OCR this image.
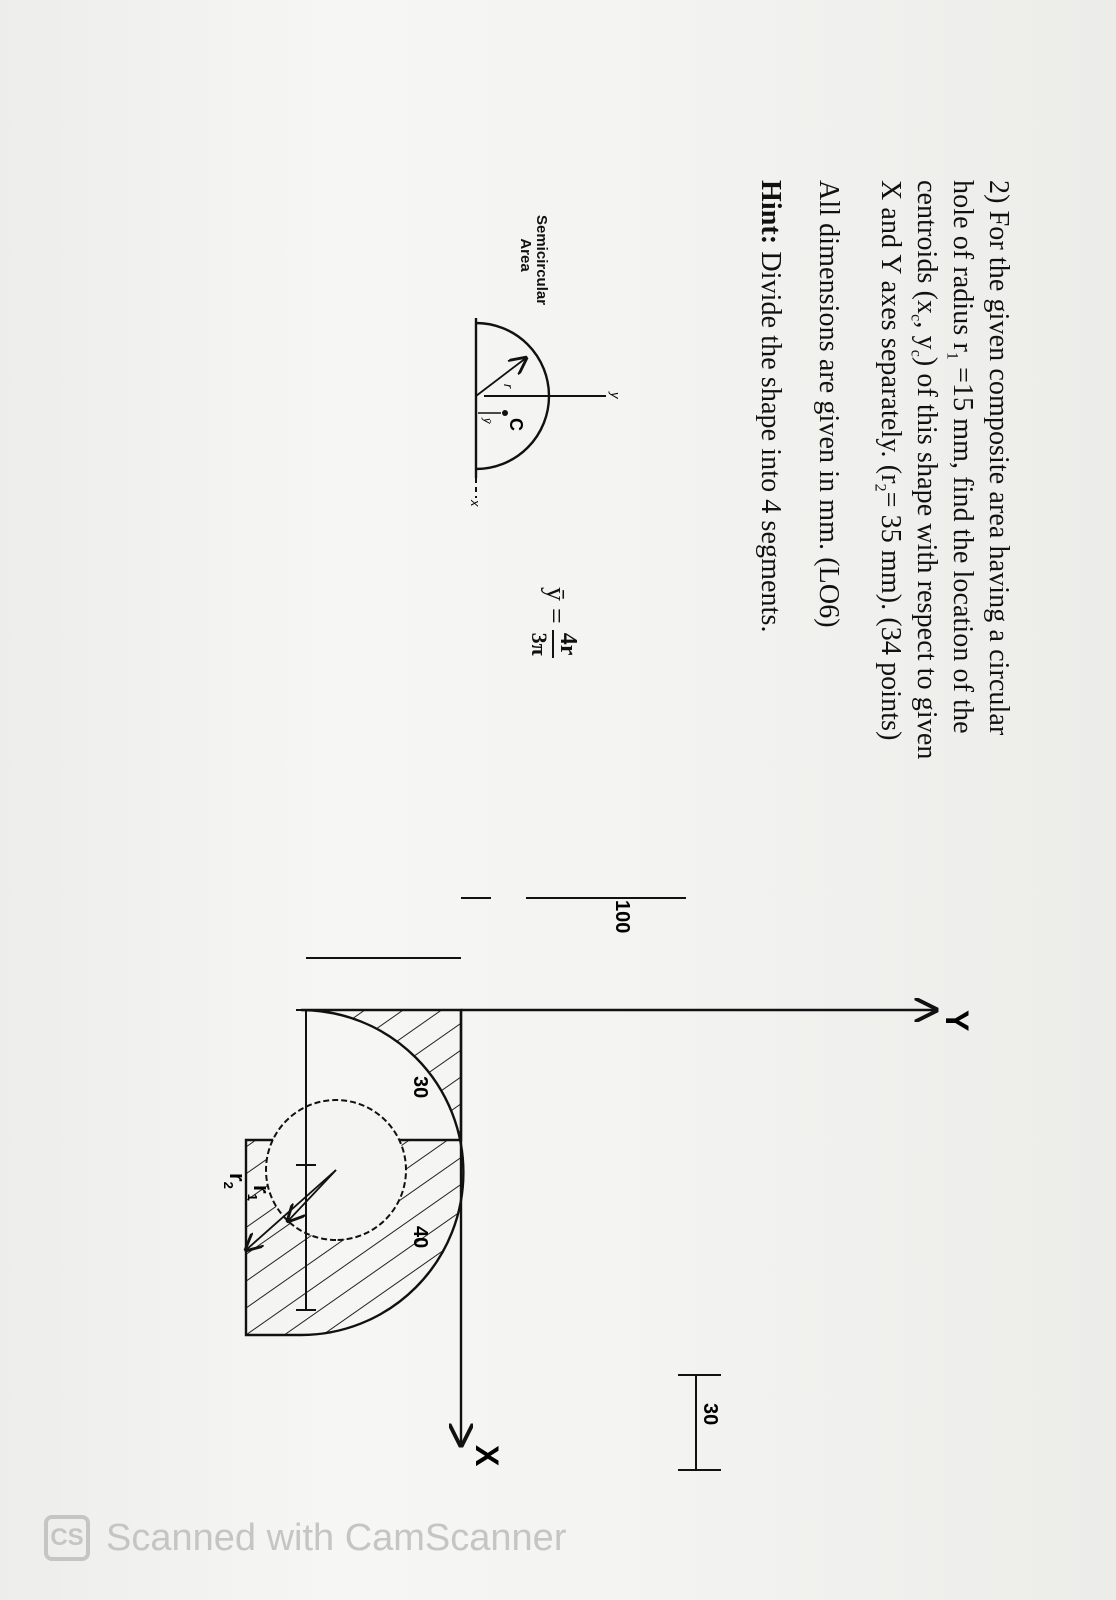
2) For the given composite area having a circular
hole of radius $r_1 =15$ mm, find the location of the
centroids ($x_c$, $y_c$) of this shape with respect to given
X and Y axes separately. ($r_2= 35$ mm). (34 points)
All dimensions are given in mm. (LO6)
Hint: Divide the shape into 4 segments.
Semicircular
Area
y
x
r
C
ȳ
$r_1$
$r_2$
Y
X
100
30
40
30
ȳ =
4r
3π
CS Scanned with CamScanner
